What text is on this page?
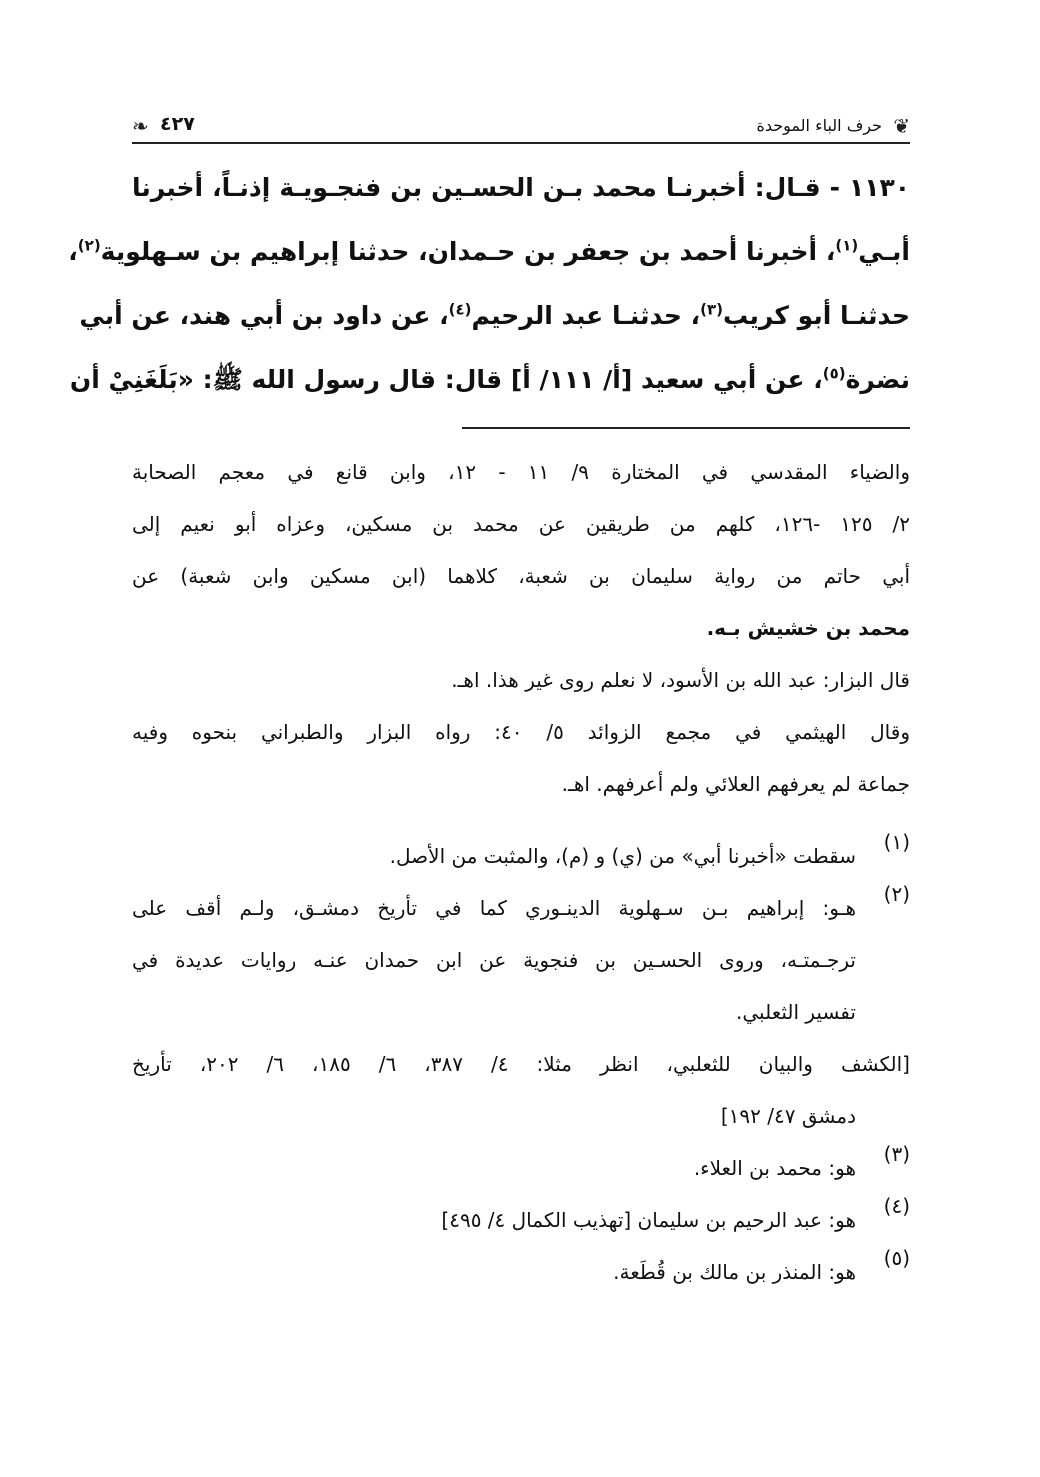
❦
حرف الباء الموحدة
٤٢٧
❧

١١٣٠ - قـال: أخبرنـا محمد بـن الحسـين بن فنجـويـة إذنـاً، أخبرنا

أبـي$^{(١)}$، أخبرنا أحمد بن جعفر بن حـمدان، حدثنا إبراهيم بن سـهلوية$^{(٢)}$،

حدثنـا أبو كريب$^{(٣)}$، حدثنـا عبد الرحيم$^{(٤)}$، عن داود بن أبي هند، عن أبي

نضرة$^{(٥)}$، عن أبي سعيد [أ/ ١١١/ أ] قال: قال رسول الله ﷺ: «بَلَغَنِيْ أن

والضياء المقدسي في المختارة ٩/ ١١ - ١٢، وابن قانع في معجم الصحابة
٢/ ١٢٥ -١٢٦، كلهم من طريقين عن محمد بن مسكين، وعزاه أبو نعيم إلى
أبي حاتم من رواية سليمان بن شعبة، كلاهما (ابن مسكين وابن شعبة) عن
محمد بن خشيش بـه.
قال البزار: عبد الله بن الأسود، لا نعلم روى غير هذا. اهـ.
وقال الهيثمي في مجمع الزوائد ٥/ ٤٠: رواه البزار والطبراني بنحوه وفيه
جماعة لم يعرفهم العلائي ولم أعرفهم. اهـ.
(١)
سقطت «أخبرنا أبي» من (ي) و (م)، والمثبت من الأصل.
(٢)
هـو: إبراهيم بـن سـهلوية الدينـوري كما في تأريخ دمشـق، ولـم أقف على
ترجـمتـه، وروى الحسـين بن فنجوية عن ابن حمدان عنـه روايات عديدة في
تفسير الثعلبي.
[الكشف والبيان للثعلبي، انظر مثلا: ٤/ ٣٨٧، ٦/ ١٨٥، ٦/ ٢٠٢، تأريخ
دمشق ٤٧/ ١٩٢]
(٣)
هو: محمد بن العلاء.
(٤)
هو: عبد الرحيم بن سليمان [تهذيب الكمال ٤/ ٤٩٥]
(٥)
هو: المنذر بن مالك بن قُطَعة.
